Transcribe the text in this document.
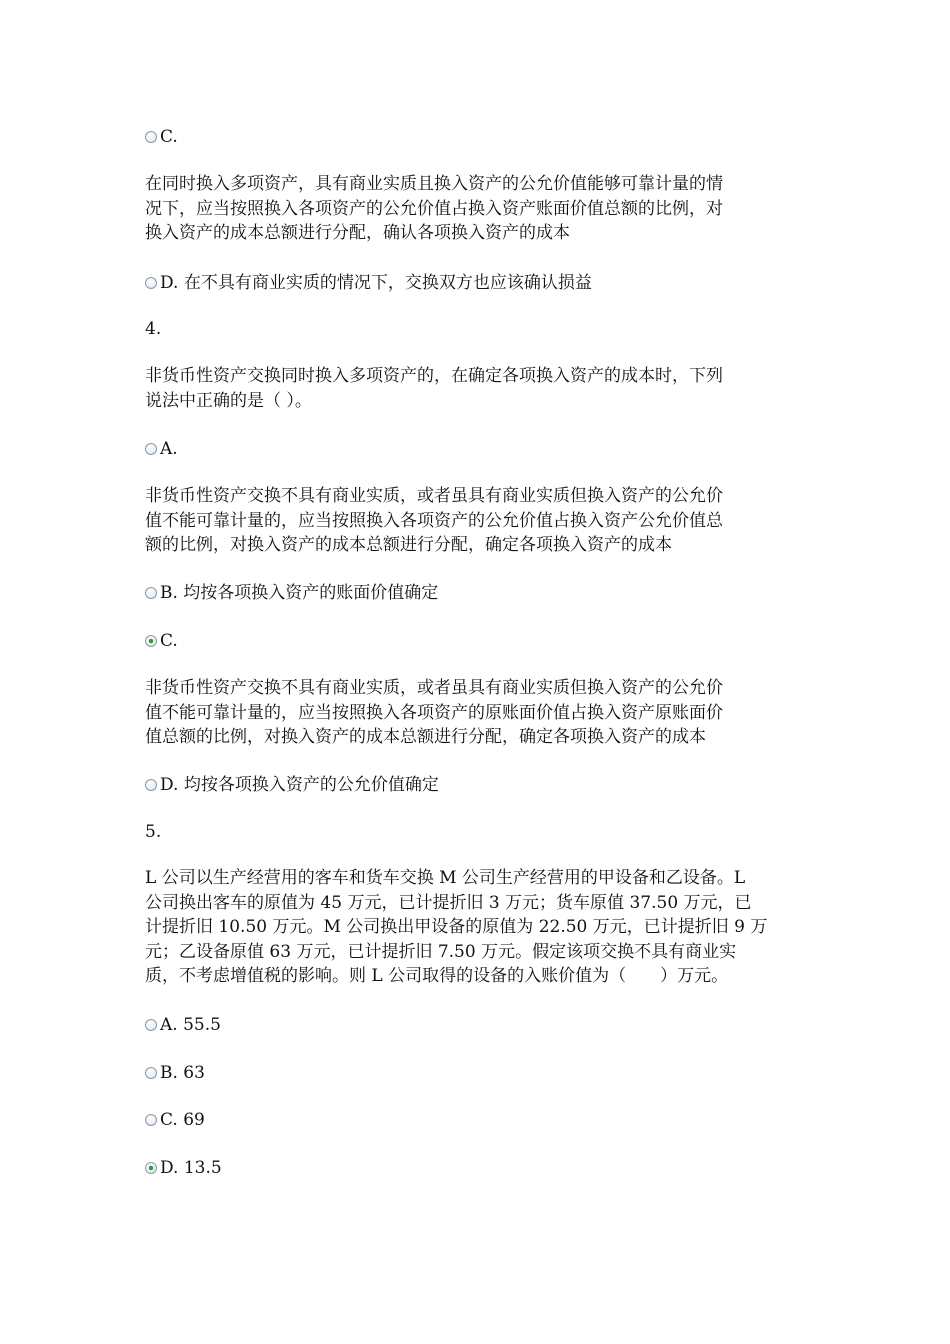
C.
在同时换入多项资产，具有商业实质且换入资产的公允价值能够可靠计量的情
况下，应当按照换入各项资产的公允价值占换入资产账面价值总额的比例，对
换入资产的成本总额进行分配，确认各项换入资产的成本
D. 在不具有商业实质的情况下，交换双方也应该确认损益
4.
非货币性资产交换同时换入多项资产的，在确定各项换入资产的成本时，下列
说法中正确的是（ ）。
A.
非货币性资产交换不具有商业实质，或者虽具有商业实质但换入资产的公允价
值不能可靠计量的，应当按照换入各项资产的公允价值占换入资产公允价值总
额的比例，对换入资产的成本总额进行分配，确定各项换入资产的成本
B. 均按各项换入资产的账面价值确定
C.
非货币性资产交换不具有商业实质，或者虽具有商业实质但换入资产的公允价
值不能可靠计量的，应当按照换入各项资产的原账面价值占换入资产原账面价
值总额的比例，对换入资产的成本总额进行分配，确定各项换入资产的成本
D. 均按各项换入资产的公允价值确定
5.
L 公司以生产经营用的客车和货车交换 M 公司生产经营用的甲设备和乙设备。L
公司换出客车的原值为 45 万元，已计提折旧 3 万元；货车原值 37.50 万元，已
计提折旧 10.50 万元。M 公司换出甲设备的原值为 22.50 万元，已计提折旧 9 万
元；乙设备原值 63 万元，已计提折旧 7.50 万元。假定该项交换不具有商业实
质，不考虑增值税的影响。则 L 公司取得的设备的入账价值为（　　）万元。
A. 55.5
B. 63
C. 69
D. 13.5
